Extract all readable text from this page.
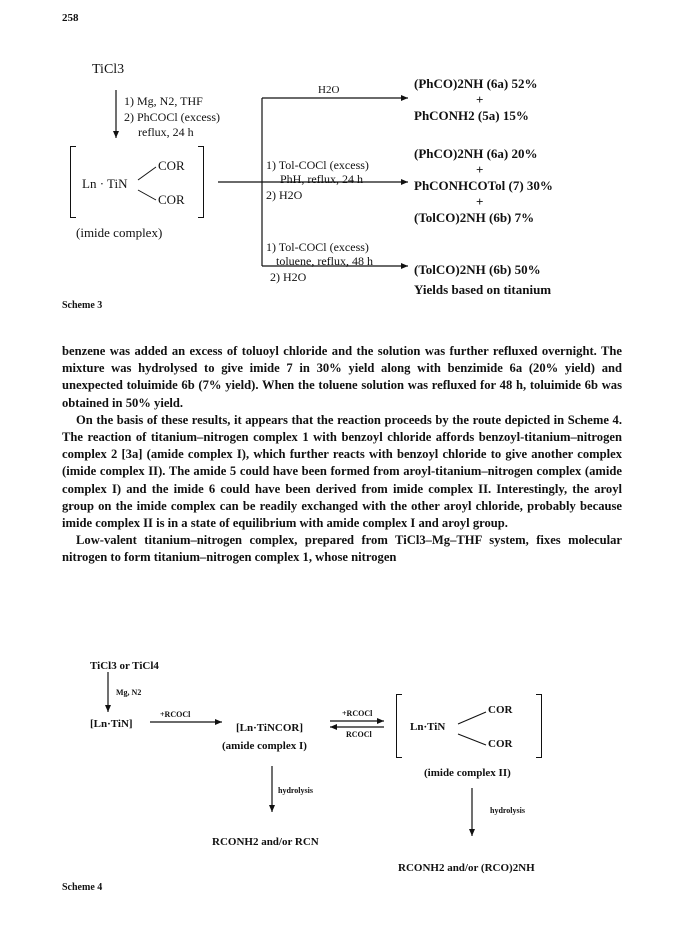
258
TiCl3
1) Mg, N2, THF
2) PhCOCl (excess)
reflux, 24 h
Ln · TiN
COR
COR
(imide complex)
H2O
1) Tol-COCl (excess)
PhH, reflux, 24 h
2) H2O
1) Tol-COCl (excess)
toluene, reflux, 48 h
2) H2O
(PhCO)2NH (6a) 52%
+
PhCONH2 (5a) 15%
(PhCO)2NH (6a) 20%
+
PhCONHCOTol (7) 30%
+
(TolCO)2NH (6b) 7%
(TolCO)2NH (6b) 50%
Yields based on titanium
Scheme 3

benzene was added an excess of toluoyl chloride and the solution was further refluxed overnight. The mixture was hydrolysed to give imide 7 in 30% yield along with benzimide 6a (20% yield) and unexpected toluimide 6b (7% yield). When the toluene solution was refluxed for 48 h, toluimide 6b was obtained in 50% yield.

On the basis of these results, it appears that the reaction proceeds by the route depicted in Scheme 4. The reaction of titanium–nitrogen complex 1 with benzoyl chloride affords benzoyl-titanium–nitrogen complex 2 [3a] (amide complex I), which further reacts with benzoyl chloride to give another complex (imide complex II). The amide 5 could have been formed from aroyl-titanium–nitrogen complex (amide complex I) and the imide 6 could have been derived from imide complex II. Interestingly, the aroyl group on the imide complex can be readily exchanged with the other aroyl chloride, probably because imide complex II is in a state of equilibrium with amide complex I and aroyl group.

Low-valent titanium–nitrogen complex, prepared from TiCl3–Mg–THF system, fixes molecular nitrogen to form titanium–nitrogen complex 1, whose nitrogen

TiCl3 or TiCl4
Mg, N2
[Ln·TiN]
+RCOCl
[Ln·TiNCOR]
(amide complex I)
+RCOCl
RCOCl
Ln·TiN
COR
COR
(imide complex II)
hydrolysis
hydrolysis
RCONH2 and/or RCN
RCONH2 and/or (RCO)2NH
Scheme 4
